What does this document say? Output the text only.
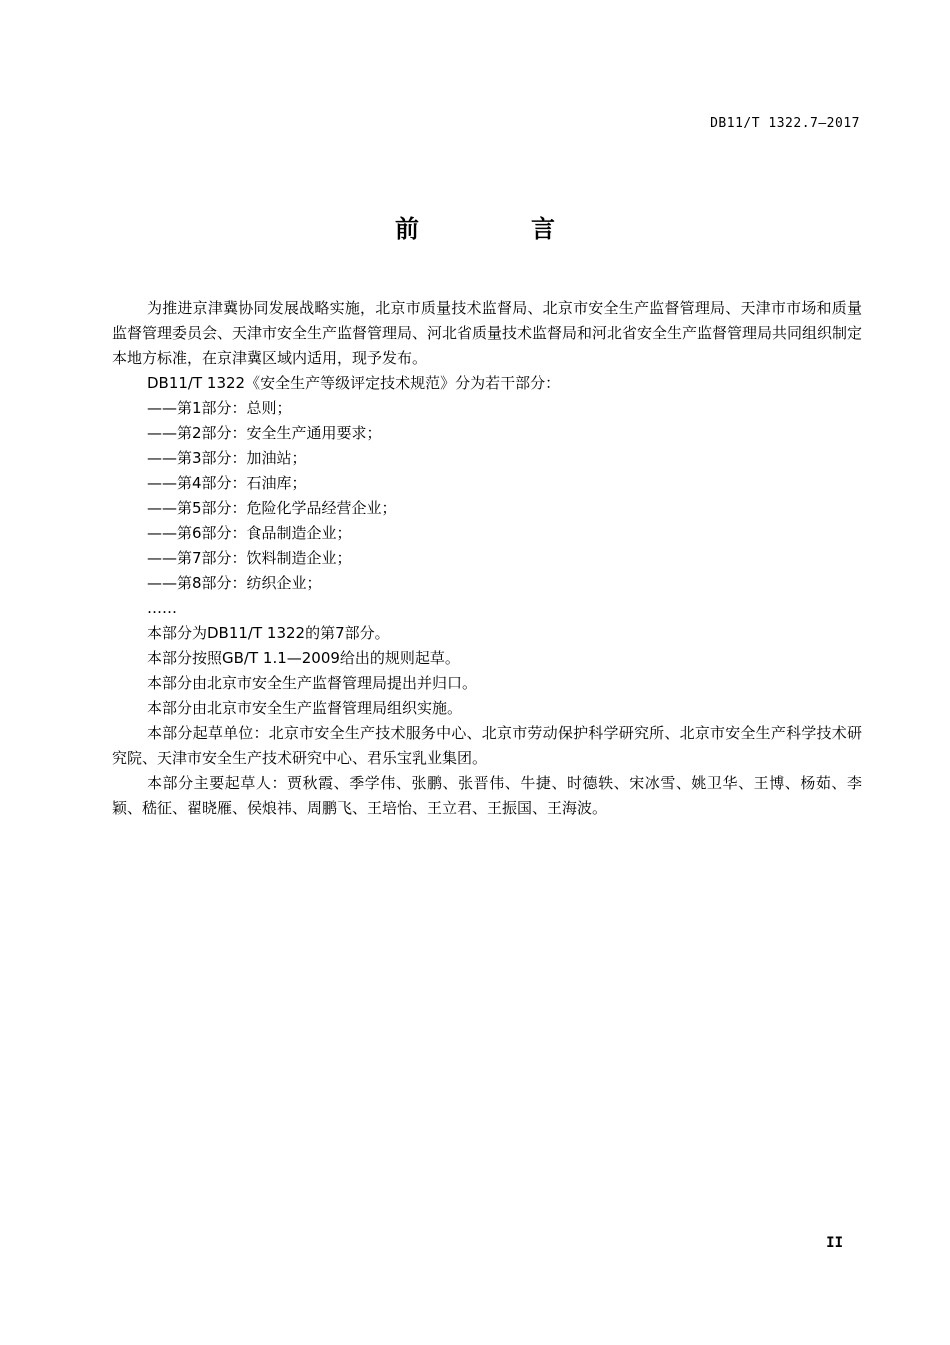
DB11/T 1322.7—2017
前　言

为推进京津冀协同发展战略实施，北京市质量技术监督局、北京市安全生产监督管理局、天津市市场和质量监督管理委员会、天津市安全生产监督管理局、河北省质量技术监督局和河北省安全生产监督管理局共同组织制定本地方标准，在京津冀区域内适用，现予发布。

DB11/T 1322《安全生产等级评定技术规范》分为若干部分：

——第1部分：总则；

——第2部分：安全生产通用要求；

——第3部分：加油站；

——第4部分：石油库；

——第5部分：危险化学品经营企业；

——第6部分：食品制造企业；

——第7部分：饮料制造企业；

——第8部分：纺织企业；

……

本部分为DB11/T 1322的第7部分。

本部分按照GB/T 1.1—2009给出的规则起草。

本部分由北京市安全生产监督管理局提出并归口。

本部分由北京市安全生产监督管理局组织实施。

本部分起草单位：北京市安全生产技术服务中心、北京市劳动保护科学研究所、北京市安全生产科学技术研究院、天津市安全生产技术研究中心、君乐宝乳业集团。

本部分主要起草人：贾秋霞、季学伟、张鹏、张晋伟、牛捷、时德轶、宋冰雪、姚卫华、王博、杨茹、李颖、嵇征、翟晓雁、侯烺祎、周鹏飞、王培怡、王立君、王振国、王海波。

II
